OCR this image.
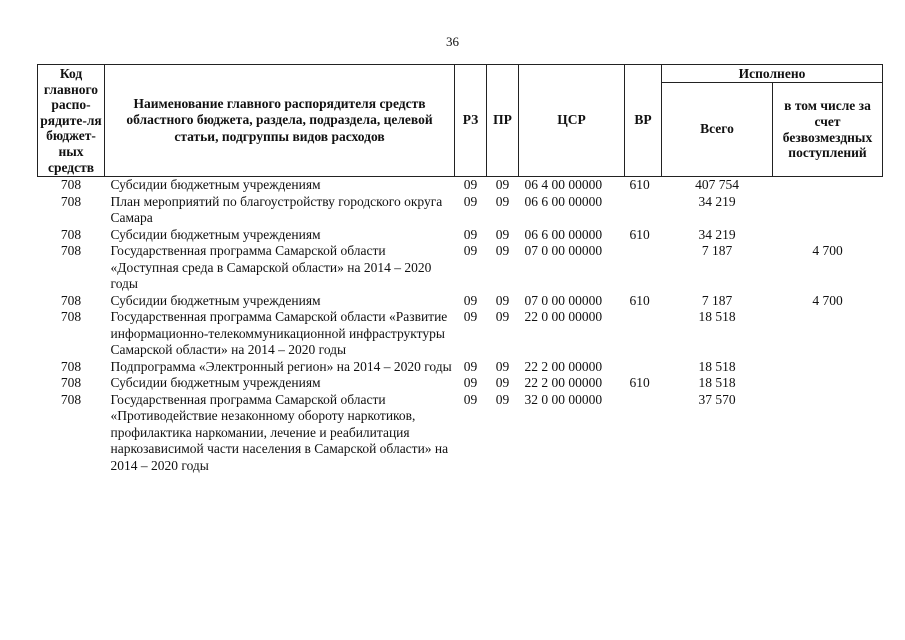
36
Код главного распо-рядите-ля бюджет-ных средств	Наименование главного распорядителя средств областного бюджета, раздела, подраздела, целевой статьи, подгруппы видов расходов	РЗ	ПР	ЦСР	ВР	Исполнено	
						Всего	в том числе за счет безвозмездных поступлений
708	Субсидии бюджетным учреждениям	09	09	06 4 00 00000	610	407 754	
708	План мероприятий по благоустройству городского округа Самара	09	09	06 6 00 00000		34 219	
708	Субсидии бюджетным учреждениям	09	09	06 6 00 00000	610	34 219	
708	Государственная программа Самарской области «Доступная среда в Самарской области» на 2014 – 2020 годы	09	09	07 0 00 00000		7 187	4 700
708	Субсидии бюджетным учреждениям	09	09	07 0 00 00000	610	7 187	4 700
708	Государственная программа Самарской области «Развитие информационно-телекоммуникационной инфраструктуры Самарской области» на 2014 – 2020 годы	09	09	22 0 00 00000		18 518	
708	Подпрограмма «Электронный регион» на 2014 – 2020 годы	09	09	22 2 00 00000		18 518	
708	Субсидии бюджетным учреждениям	09	09	22 2 00 00000	610	18 518	
708	Государственная программа Самарской области «Противодействие незаконному обороту наркотиков, профилактика наркомании, лечение и реабилитация наркозависимой части населения в Самарской области» на 2014 – 2020 годы	09	09	32 0 00 00000		37 570	
